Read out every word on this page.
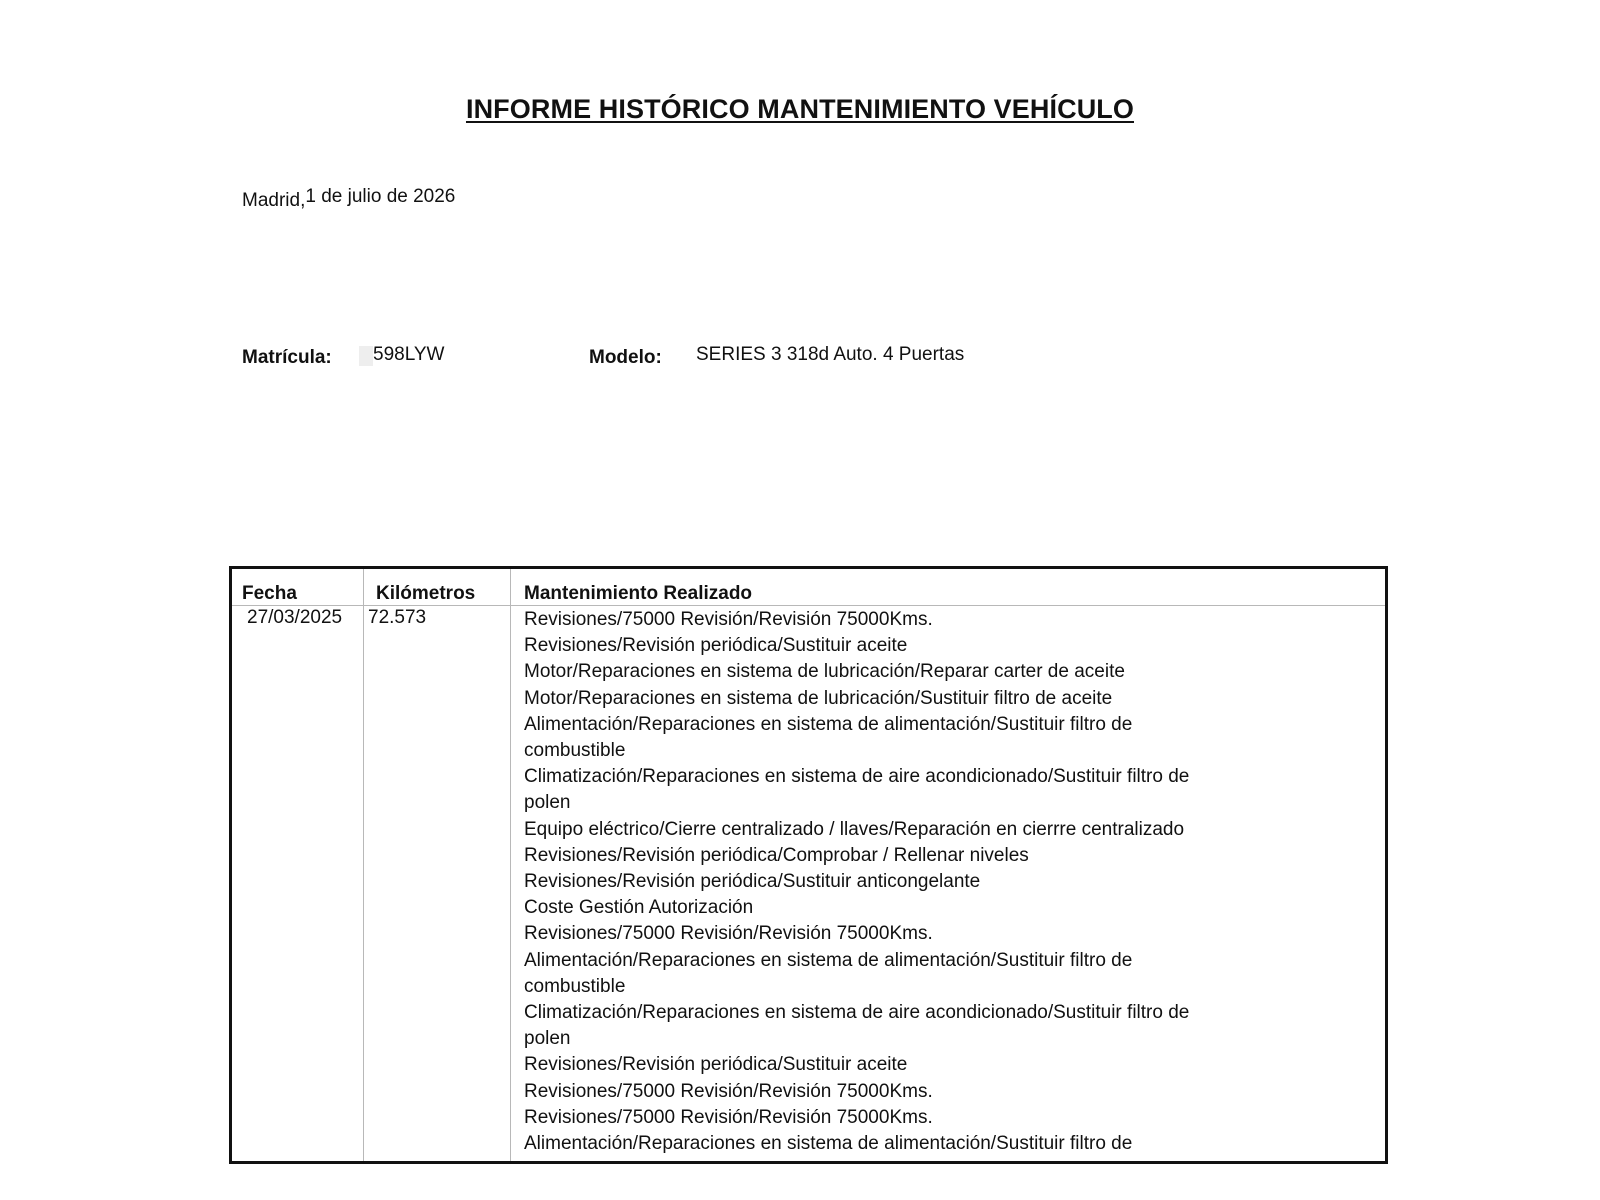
INFORME HISTÓRICO MANTENIMIENTO VEHÍCULO
Madrid,1 de julio de 2026
Matrícula: 598LYW	Modelo: SERIES 3 318d Auto. 4 Puertas
Fecha	Kilómetros	Mantenimiento Realizado
27/03/2025 72.573	Revisiones/75000 Revisión/Revisión 75000Kms.
Revisiones/Revisión periódica/Sustituir aceite
Motor/Reparaciones en sistema de lubricación/Reparar carter de aceite
Motor/Reparaciones en sistema de lubricación/Sustituir filtro de aceite
Alimentación/Reparaciones en sistema de alimentación/Sustituir filtro de
combustible
Climatización/Reparaciones en sistema de aire acondicionado/Sustituir filtro de
polen
Equipo eléctrico/Cierre centralizado / llaves/Reparación en cierrre centralizado
Revisiones/Revisión periódica/Comprobar / Rellenar niveles
Revisiones/Revisión periódica/Sustituir anticongelante
Coste Gestión Autorización
Revisiones/75000 Revisión/Revisión 75000Kms.
Alimentación/Reparaciones en sistema de alimentación/Sustituir filtro de
combustible
Climatización/Reparaciones en sistema de aire acondicionado/Sustituir filtro de
polen
Revisiones/Revisión periódica/Sustituir aceite
Revisiones/75000 Revisión/Revisión 75000Kms.
Revisiones/75000 Revisión/Revisión 75000Kms.
Alimentación/Reparaciones en sistema de alimentación/Sustituir filtro de
